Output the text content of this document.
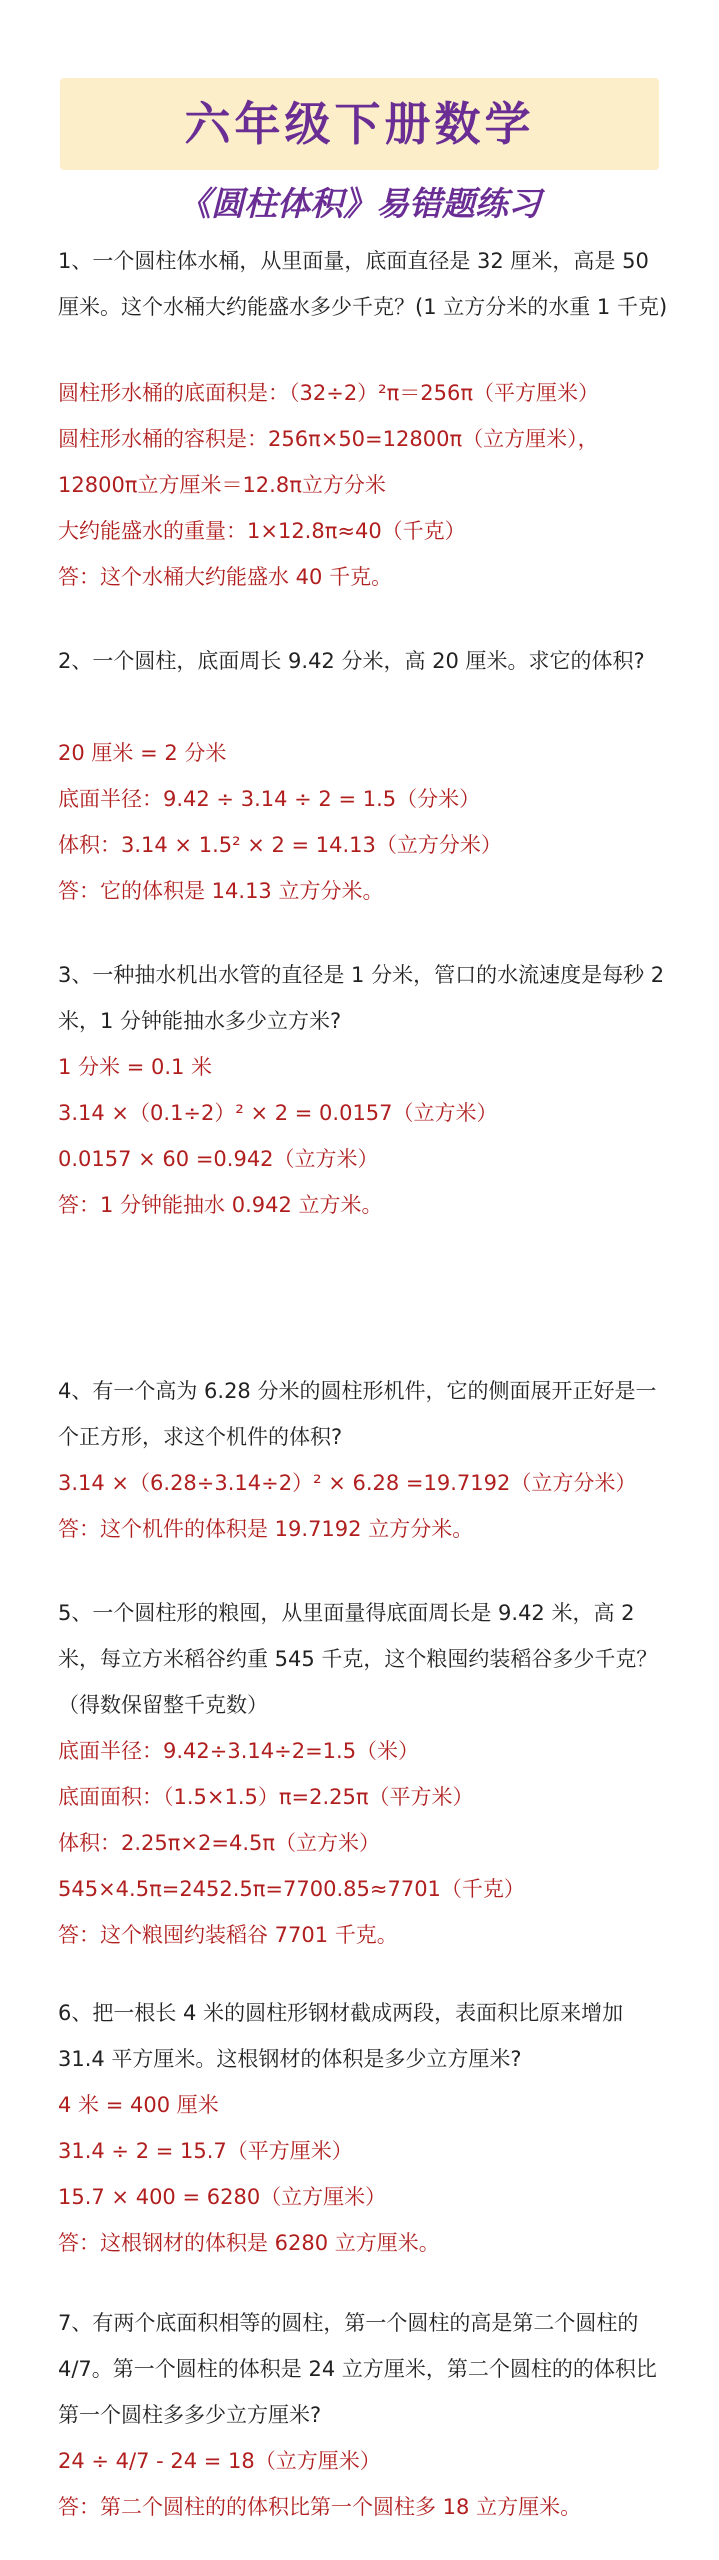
六年级下册数学
《圆柱体积》易错题练习
1、一个圆柱体水桶，从里面量，底面直径是 32 厘米，高是 50 厘米。这个水桶大约能盛水多少千克？(1 立方分米的水重 1 千克)
圆柱形水桶的底面积是：（32÷2）²π＝256π（平方厘米）
圆柱形水桶的容积是：256π×50=12800π（立方厘米），
12800π立方厘米＝12.8π立方分米
大约能盛水的重量：1×12.8π≈40（千克）
答：这个水桶大约能盛水 40 千克。
2、一个圆柱，底面周长 9.42 分米，高 20 厘米。求它的体积?
20 厘米 = 2 分米
底面半径：9.42 ÷ 3.14 ÷ 2 = 1.5（分米）
体积：3.14 × 1.5² × 2 = 14.13（立方分米）
答：它的体积是 14.13 立方分米。
3、一种抽水机出水管的直径是 1 分米，管口的水流速度是每秒 2 米，1 分钟能抽水多少立方米?
1 分米 = 0.1 米
3.14 ×（0.1÷2）² × 2 = 0.0157（立方米）
0.0157 × 60 =0.942（立方米）
答：1 分钟能抽水 0.942 立方米。
4、有一个高为 6.28 分米的圆柱形机件，它的侧面展开正好是一个正方形，求这个机件的体积?
3.14 ×（6.28÷3.14÷2）² × 6.28 =19.7192（立方分米）
答：这个机件的体积是 19.7192 立方分米。
5、一个圆柱形的粮囤，从里面量得底面周长是 9.42 米，高 2 米，每立方米稻谷约重 545 千克，这个粮囤约装稻谷多少千克？（得数保留整千克数）
底面半径：9.42÷3.14÷2=1.5（米）
底面面积：（1.5×1.5）π=2.25π（平方米）
体积：2.25π×2=4.5π（立方米）
545×4.5π=2452.5π=7700.85≈7701（千克）
答：这个粮囤约装稻谷 7701 千克。
6、把一根长 4 米的圆柱形钢材截成两段，表面积比原来增加 31.4 平方厘米。这根钢材的体积是多少立方厘米?
4 米 = 400 厘米
31.4 ÷ 2 = 15.7（平方厘米）
15.7 × 400 = 6280（立方厘米）
答：这根钢材的体积是 6280 立方厘米。
7、有两个底面积相等的圆柱，第一个圆柱的高是第二个圆柱的 4/7。第一个圆柱的体积是 24 立方厘米，第二个圆柱的的体积比第一个圆柱多多少立方厘米?
24 ÷ 4/7 - 24 = 18（立方厘米）
答：第二个圆柱的的体积比第一个圆柱多 18 立方厘米。
